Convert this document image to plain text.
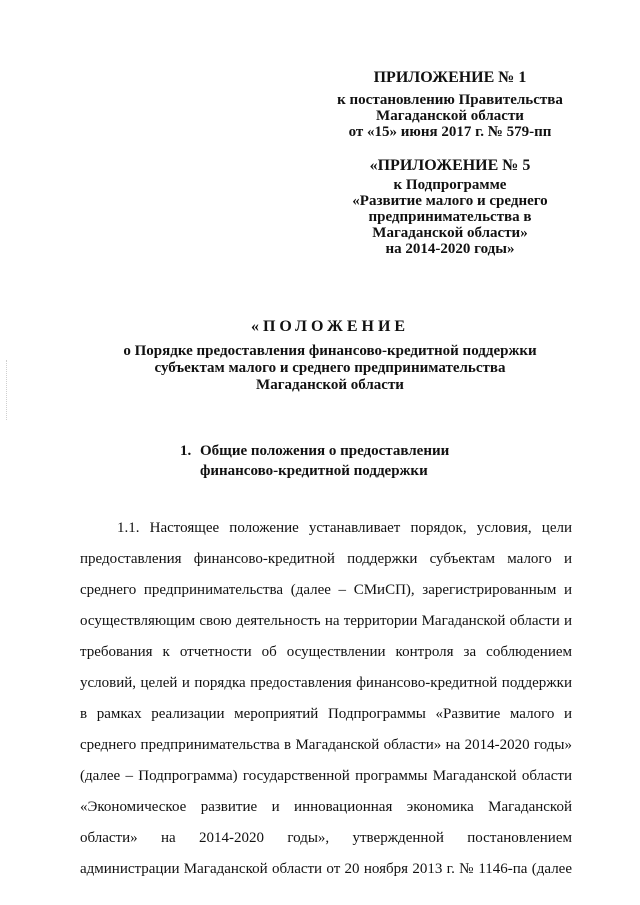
ПРИЛОЖЕНИЕ № 1
к постановлению Правительства
Магаданской области
от «15» июня 2017 г. № 579-пп
«ПРИЛОЖЕНИЕ № 5
к Подпрограмме
«Развитие малого и среднего
предпринимательства в
Магаданской области»
на 2014-2020 годы»
«ПОЛОЖЕНИЕ
о Порядке предоставления финансово-кредитной поддержки
субъектам малого и среднего предпринимательства
Магаданской области
1. Общие положения о предоставлении
финансово-кредитной поддержки
1.1. Настоящее положение устанавливает порядок, условия, цели
предоставления финансово-кредитной поддержки субъектам малого и
среднего предпринимательства (далее – СМиСП), зарегистрированным и
осуществляющим свою деятельность на территории Магаданской области и
требования к отчетности об осуществлении контроля за соблюдением
условий, целей и порядка предоставления финансово-кредитной поддержки
в рамках реализации мероприятий Подпрограммы «Развитие малого и
среднего предпринимательства в Магаданской области» на 2014-2020 годы»
(далее – Подпрограмма) государственной программы Магаданской области
«Экономическое развитие и инновационная экономика Магаданской
области» на 2014-2020 годы», утвержденной постановлением
администрации Магаданской области от 20 ноября 2013 г. № 1146-па (далее
